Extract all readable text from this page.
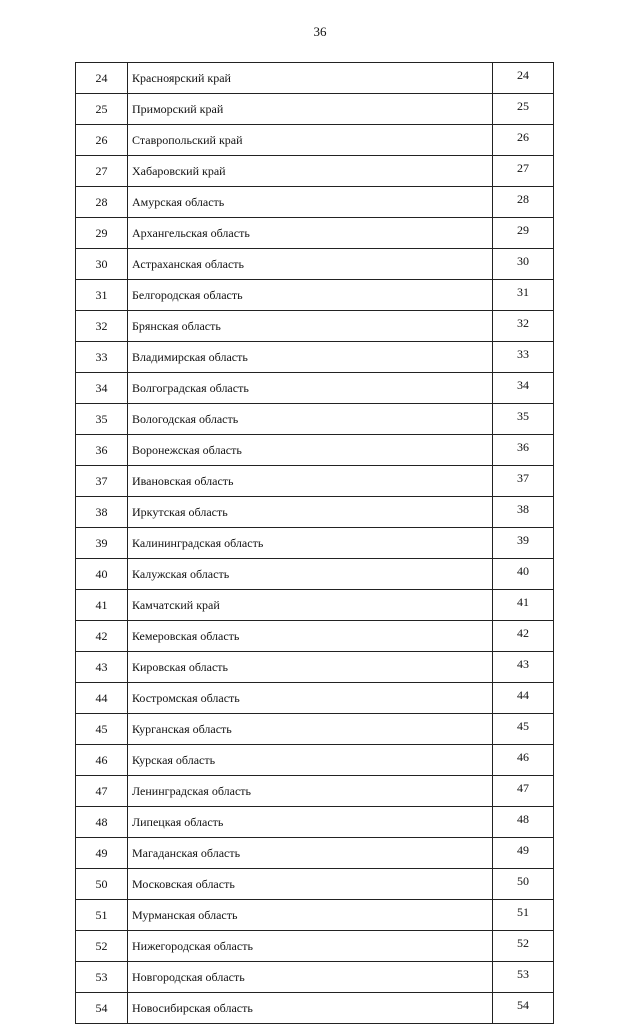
36
24	Красноярский край	24
25	Приморский край	25
26	Ставропольский край	26
27	Хабаровский край	27
28	Амурская область	28
29	Архангельская область	29
30	Астраханская область	30
31	Белгородская область	31
32	Брянская область	32
33	Владимирская область	33
34	Волгоградская область	34
35	Вологодская область	35
36	Воронежская область	36
37	Ивановская область	37
38	Иркутская область	38
39	Калининградская область	39
40	Калужская область	40
41	Камчатский край	41
42	Кемеровская область	42
43	Кировская область	43
44	Костромская область	44
45	Курганская область	45
46	Курская область	46
47	Ленинградская область	47
48	Липецкая область	48
49	Магаданская область	49
50	Московская область	50
51	Мурманская область	51
52	Нижегородская область	52
53	Новгородская область	53
54	Новосибирская область	54
